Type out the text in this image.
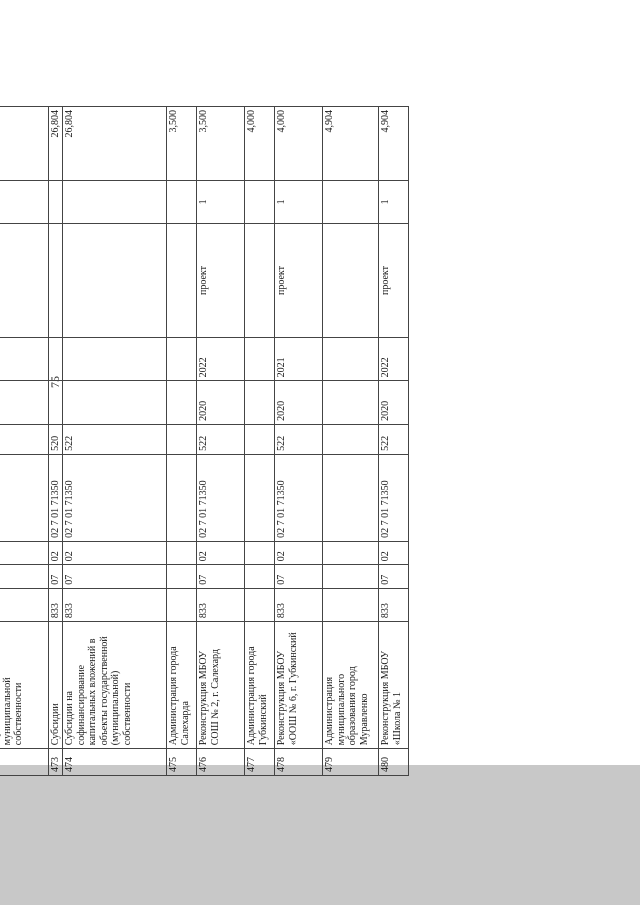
75

	муниципальной собственности										
473	Субсидии	833	07	02	02 7 01 71350	520					26,804
474	Субсидии на софинансирование капитальных вложений в объекты государственной (муниципальной) собственности	833	07	02	02 7 01 71350	522					26,804
475	Администрация города Салехарда										3,500
476	Реконструкция МБОУ СОШ № 2, г. Салехард	833	07	02	02 7 01 71350	522	2020	2022	проект	1	3,500
477	Администрация города Губкинский										4,000
478	Реконструкция МБОУ «ООШ № 6, г. Губкинский	833	07	02	02 7 01 71350	522	2020	2021	проект	1	4,000
479	Администрация муниципального образования город Муравленко										4,904
480	Реконструкция МБОУ «Школа № 1	833	07	02	02 7 01 71350	522	2020	2022	проект	1	4,904
